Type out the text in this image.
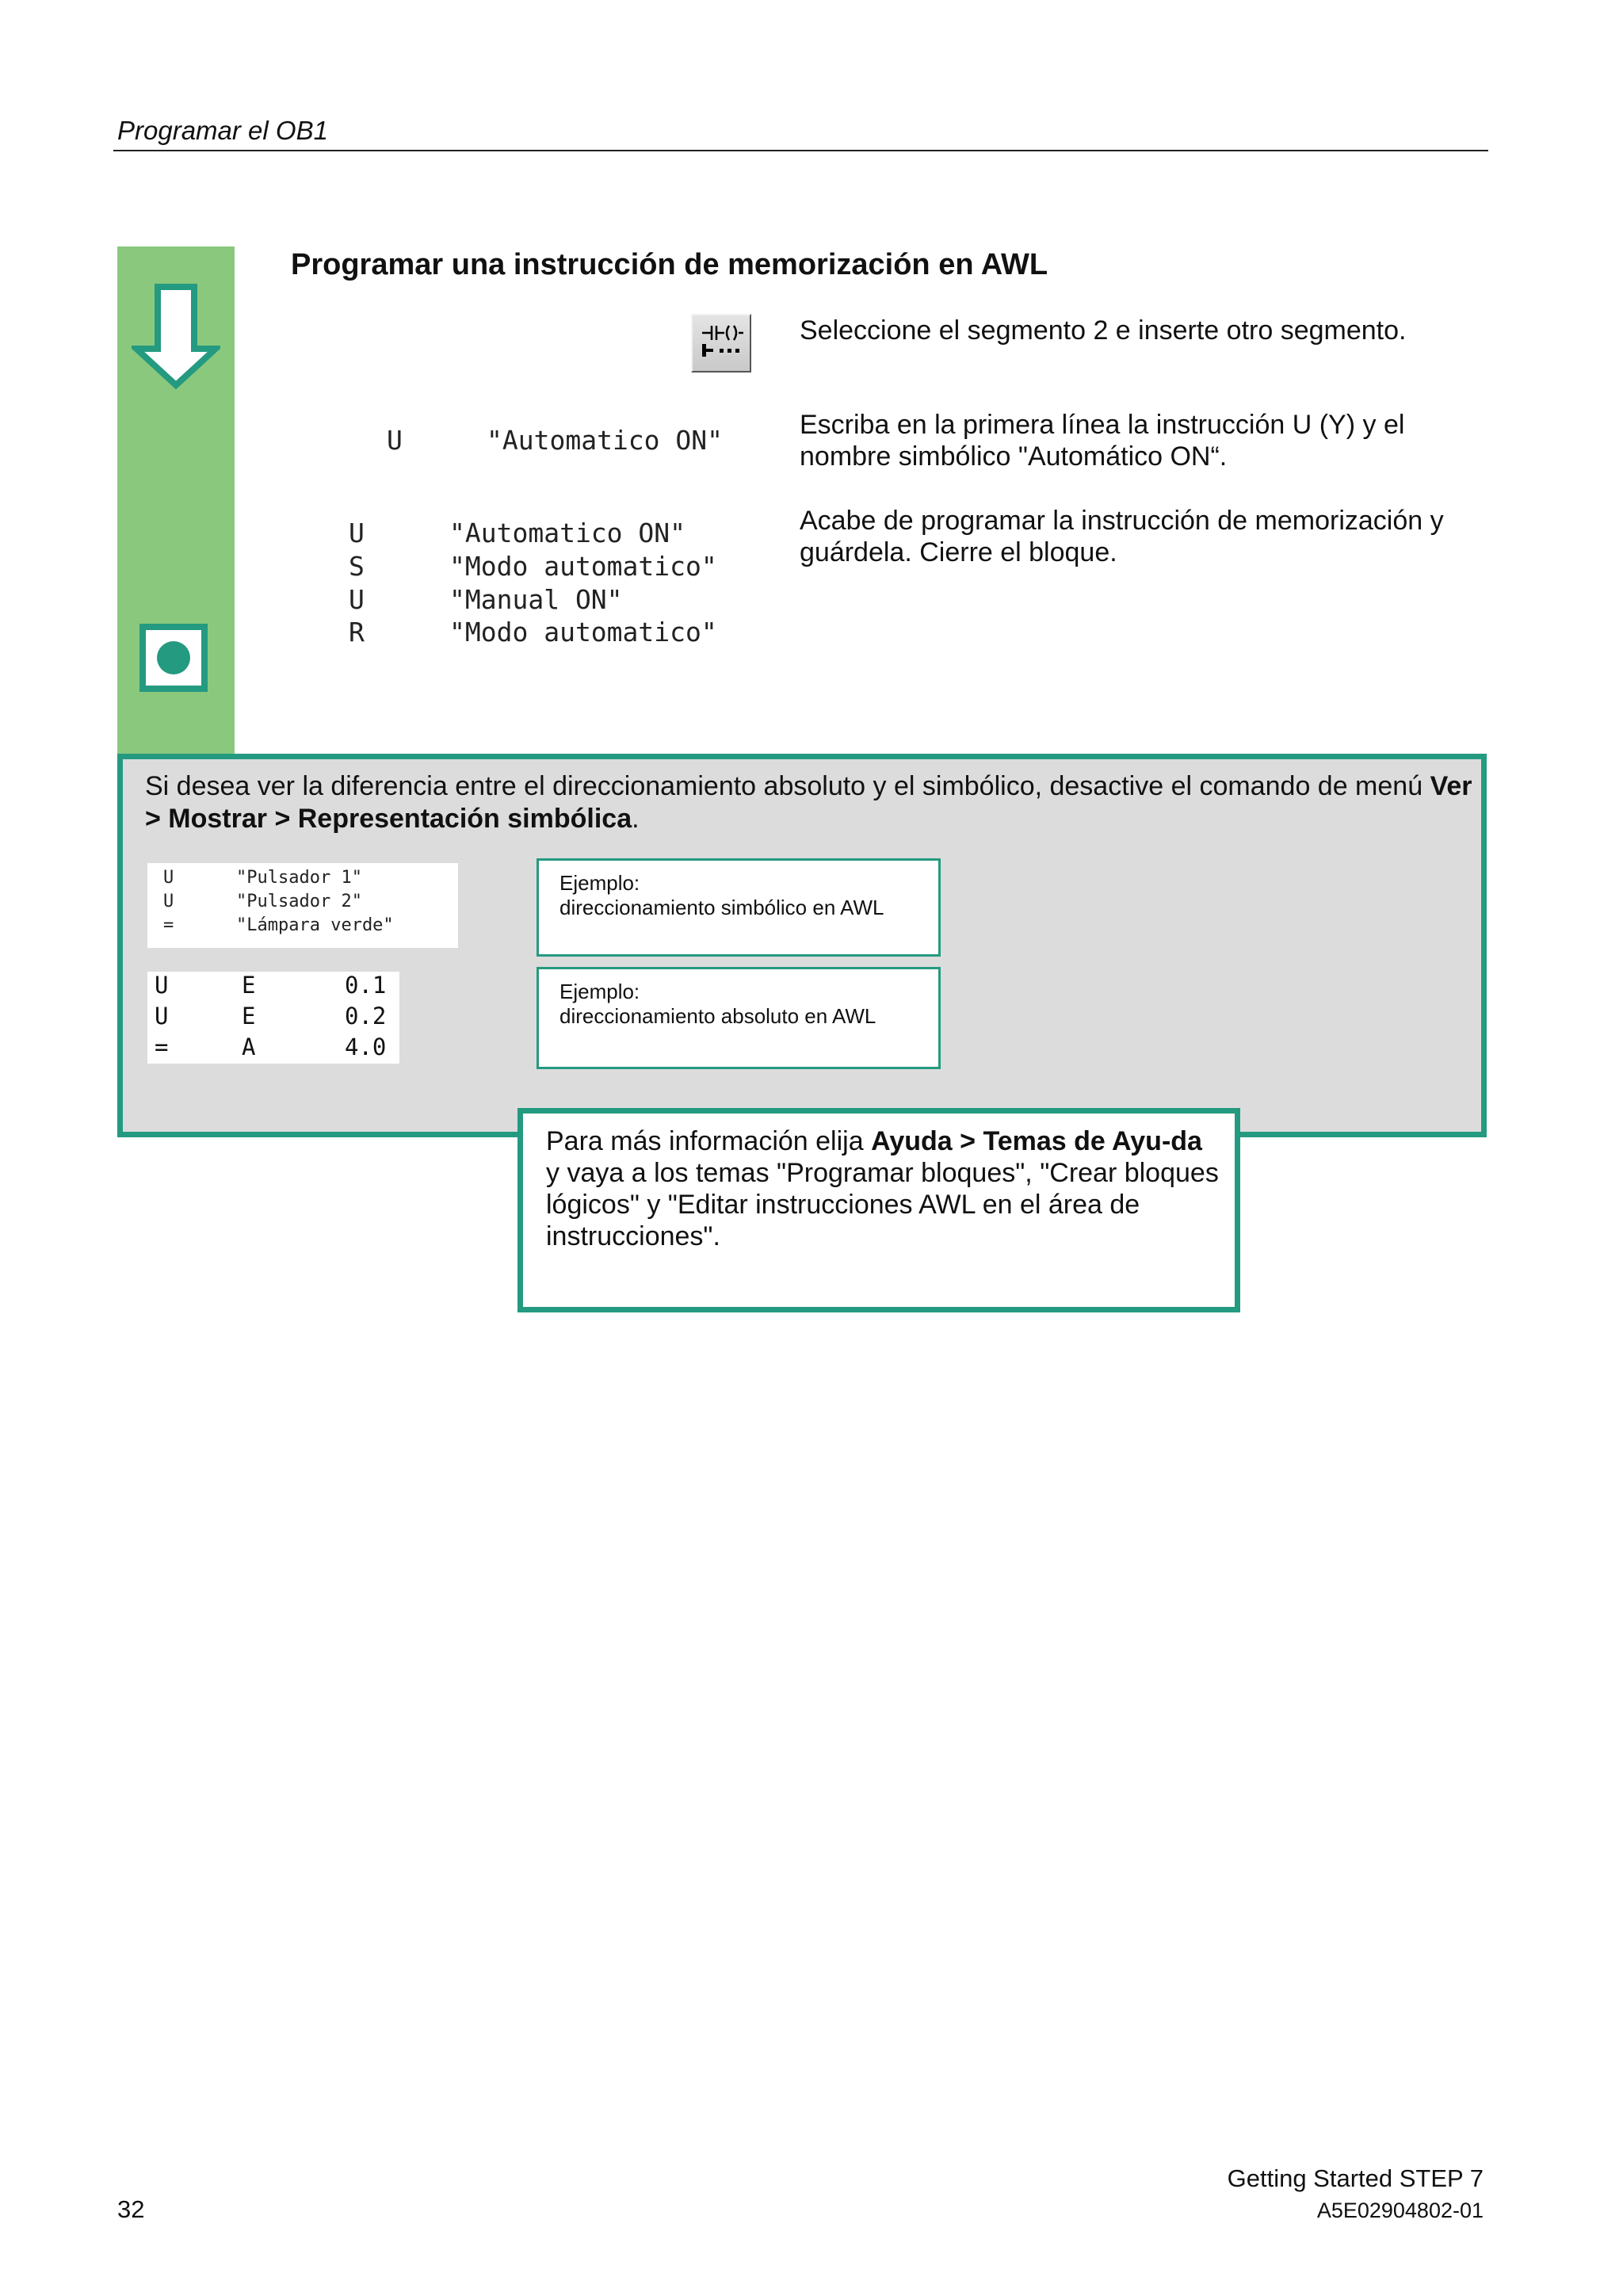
Programar el OB1
Programar una instrucción de memorización en AWL
Seleccione el segmento 2 e inserte otro segmento.
Escriba en la primera línea la instrucción U (Y) y el nombre simbólico "Automático ON“.
Acabe de programar la instrucción de memorización y guárdela. Cierre el bloque.
U	"Automatico ON"
U	"Automatico ON"
S	"Modo automatico"
U	"Manual ON"
R	"Modo automatico"
Si desea ver la diferencia entre el direccionamiento absoluto y el simbólico, desactive el comando de menú Ver > Mostrar > Representación simbólica.
U	"Pulsador 1"
U	"Pulsador 2"
=	"Lámpara verde"
U	E	0.1
U	E	0.2
=	A	4.0
Ejemplo:
direccionamiento simbólico en AWL
Ejemplo:
direccionamiento absoluto en AWL
Para más información elija Ayuda > Temas de Ayu-da y vaya a los temas "Programar bloques", "Crear bloques lógicos" y "Editar instrucciones AWL en el área de instrucciones".
32
Getting Started STEP 7
A5E02904802-01
